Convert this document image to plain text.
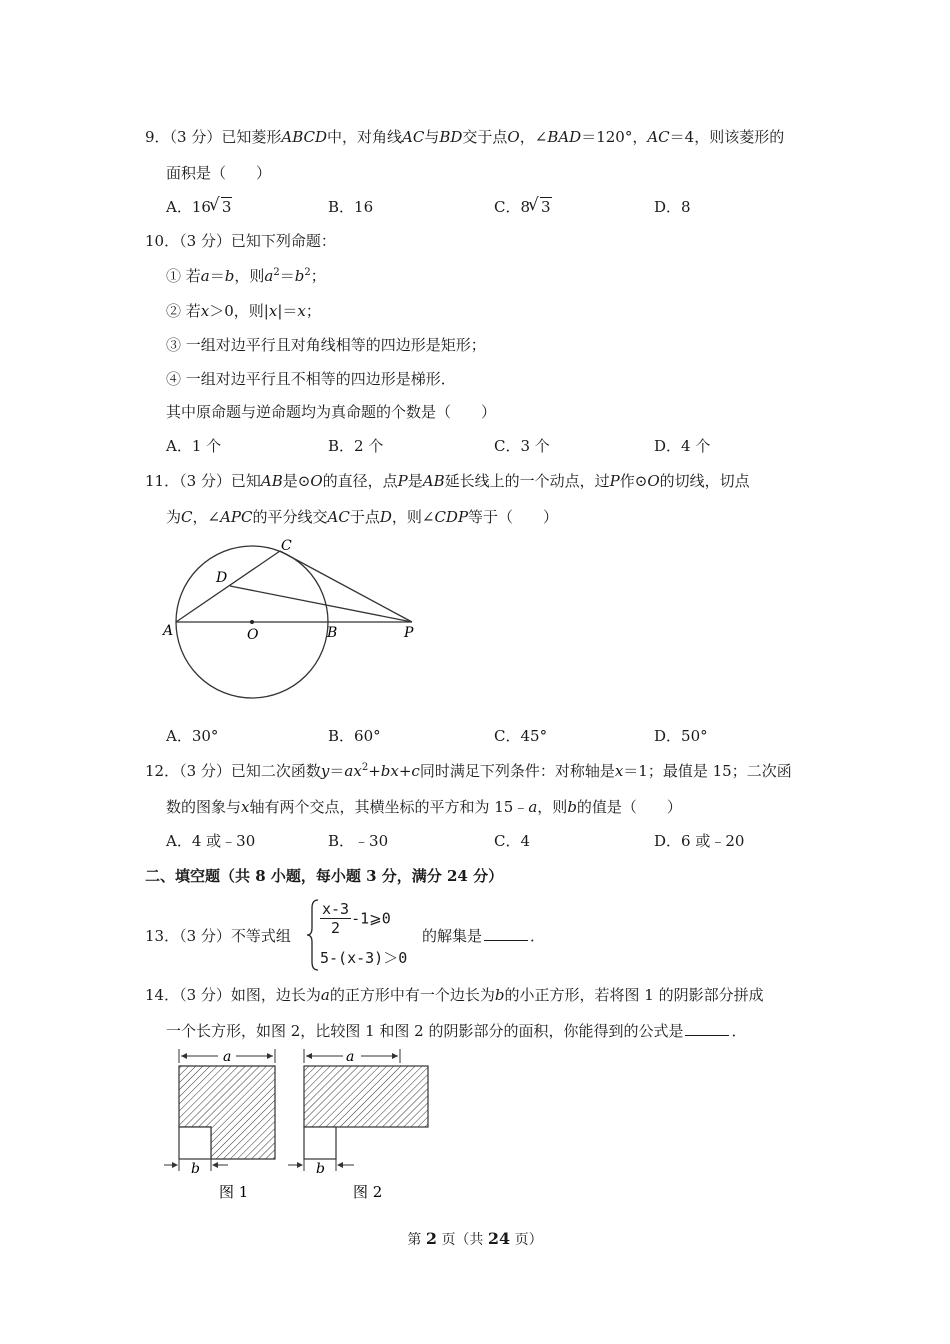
9．（3 分）已知菱形ABCD中，对角线AC与BD交于点O，∠BAD＝120°，AC＝4，则该菱形的
面积是（　　）
A．16 √ 3	B．16	C．8 √ 3	D．8
10．（3 分）已知下列命题：
① 若a＝b，则$a^2=b^2$；
② 若x＞0，则|x|＝x；
③ 一组对边平行且对角线相等的四边形是矩形；
④ 一组对边平行且不相等的四边形是梯形．
其中原命题与逆命题均为真命题的个数是（　　）
A．1 个	B．2 个	C．3 个	D．4 个
11．（3 分）已知AB是⊙O的直径，点P是AB延长线上的一个动点，过P作⊙O的切线，切点
为C，∠APC的平分线交AC于点D，则∠CDP等于（　　）
A	O	B	P
C
D
A．30°	B．60°	C．45°	D．50°
12．（3 分）已知二次函数$y=ax^2+bx+c$同时满足下列条件：对称轴是x＝1；最值是 15；二次函
数的图象与x轴有两个交点，其横坐标的平方和为 15﹣a，则b的值是（　　）
A．4 或﹣30	B．﹣30	C．4	D．6 或﹣20
二、填空题（共 8 小题，每小题 3 分，满分 24 分）
13．（3 分）不等式组 $\frac{x-3}{2}$ -1⩾0
5-(x-3)＞0
的解集是	．
14．（3 分）如图，边长为a的正方形中有一个边长为b的小正方形，若将图 1 的阴影部分拼成
一个长方形，如图 2，比较图 1 和图 2 的阴影部分的面积，你能得到的公式是	．
a
b
图 1
a
b
图 2
第 2 页（共 24 页）
